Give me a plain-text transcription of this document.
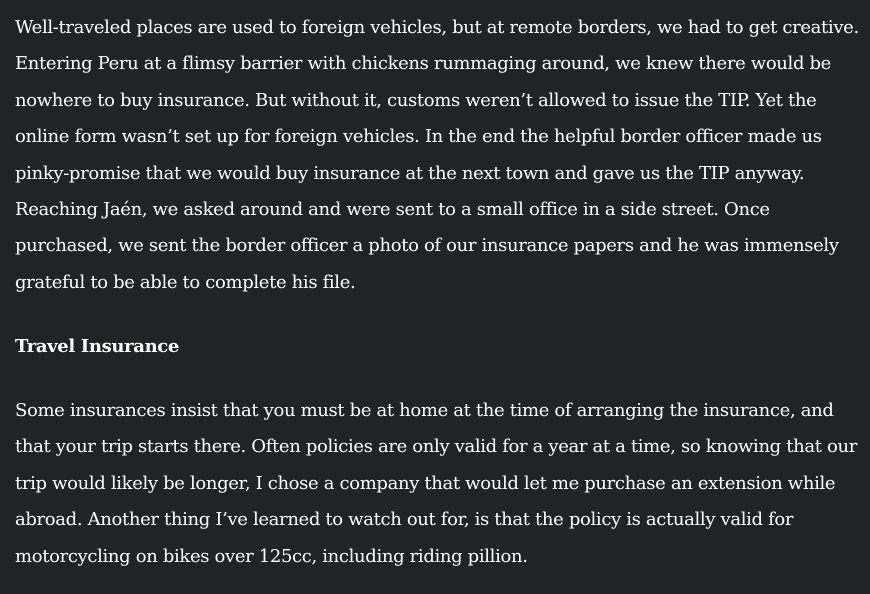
Well-traveled places are used to foreign vehicles, but at remote borders, we had to get creative. Entering Peru at a flimsy barrier with chickens rummaging around, we knew there would be nowhere to buy insurance. But without it, customs weren’t allowed to issue the TIP. Yet the online form wasn’t set up for foreign vehicles. In the end the helpful border officer made us pinky-promise that we would buy insurance at the next town and gave us the TIP anyway. Reaching Jaén, we asked around and were sent to a small office in a side street. Once purchased, we sent the border officer a photo of our insurance papers and he was immensely grateful to be able to complete his file.

Travel Insurance

Some insurances insist that you must be at home at the time of arranging the insurance, and that your trip starts there. Often policies are only valid for a year at a time, so knowing that our trip would likely be longer, I chose a company that would let me purchase an extension while abroad. Another thing I’ve learned to watch out for, is that the policy is actually valid for motorcycling on bikes over 125cc, including riding pillion.
